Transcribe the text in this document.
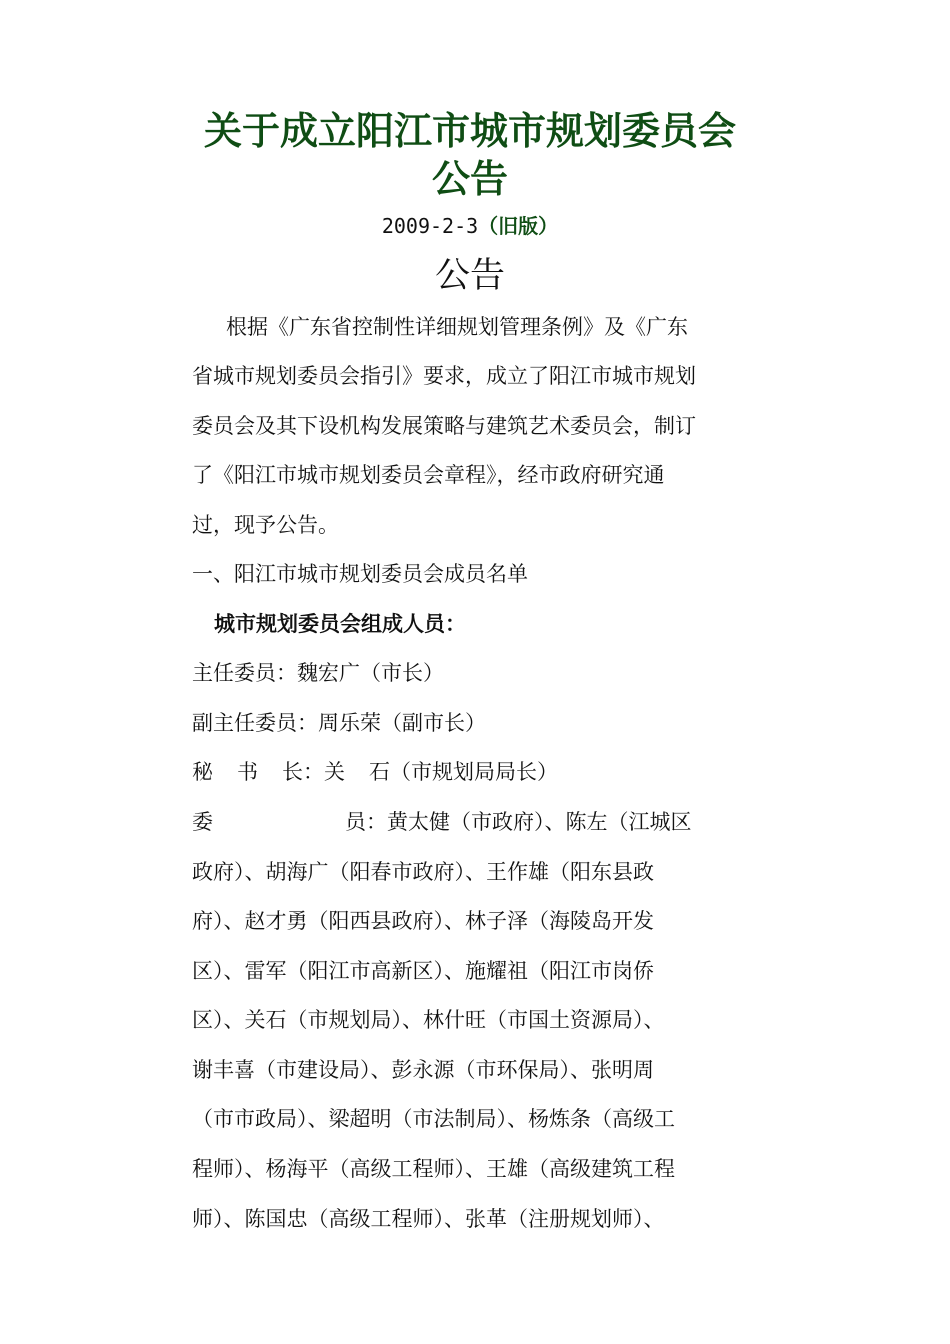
关于成立阳江市城市规划委员会
公告
2009-2-3（旧版）
公告

根据《广东省控制性详细规划管理条例》及《广东

省城市规划委员会指引》要求，成立了阳江市城市规划

委员会及其下设机构发展策略与建筑艺术委员会，制订

了《阳江市城市规划委员会章程》，经市政府研究通

过，现予公告。

一、阳江市城市规划委员会成员名单

城市规划委员会组成人员：

主任委员：魏宏广（市长）

副主任委员：周乐荣（副市长）

秘 书 长：关 石（市规划局局长）

委	员：黄太健（市政府）、陈左（江城区

政府）、胡海广（阳春市政府）、王作雄（阳东县政

府）、赵才勇（阳西县政府）、林子泽（海陵岛开发

区）、雷军（阳江市高新区）、施耀祖（阳江市岗侨

区）、关石（市规划局）、林什旺（市国土资源局）、

谢丰喜（市建设局）、彭永源（市环保局）、张明周

（市市政局）、梁超明（市法制局）、杨炼条（高级工

程师）、杨海平（高级工程师）、王雄（高级建筑工程

师）、陈国忠（高级工程师）、张革（注册规划师）、
